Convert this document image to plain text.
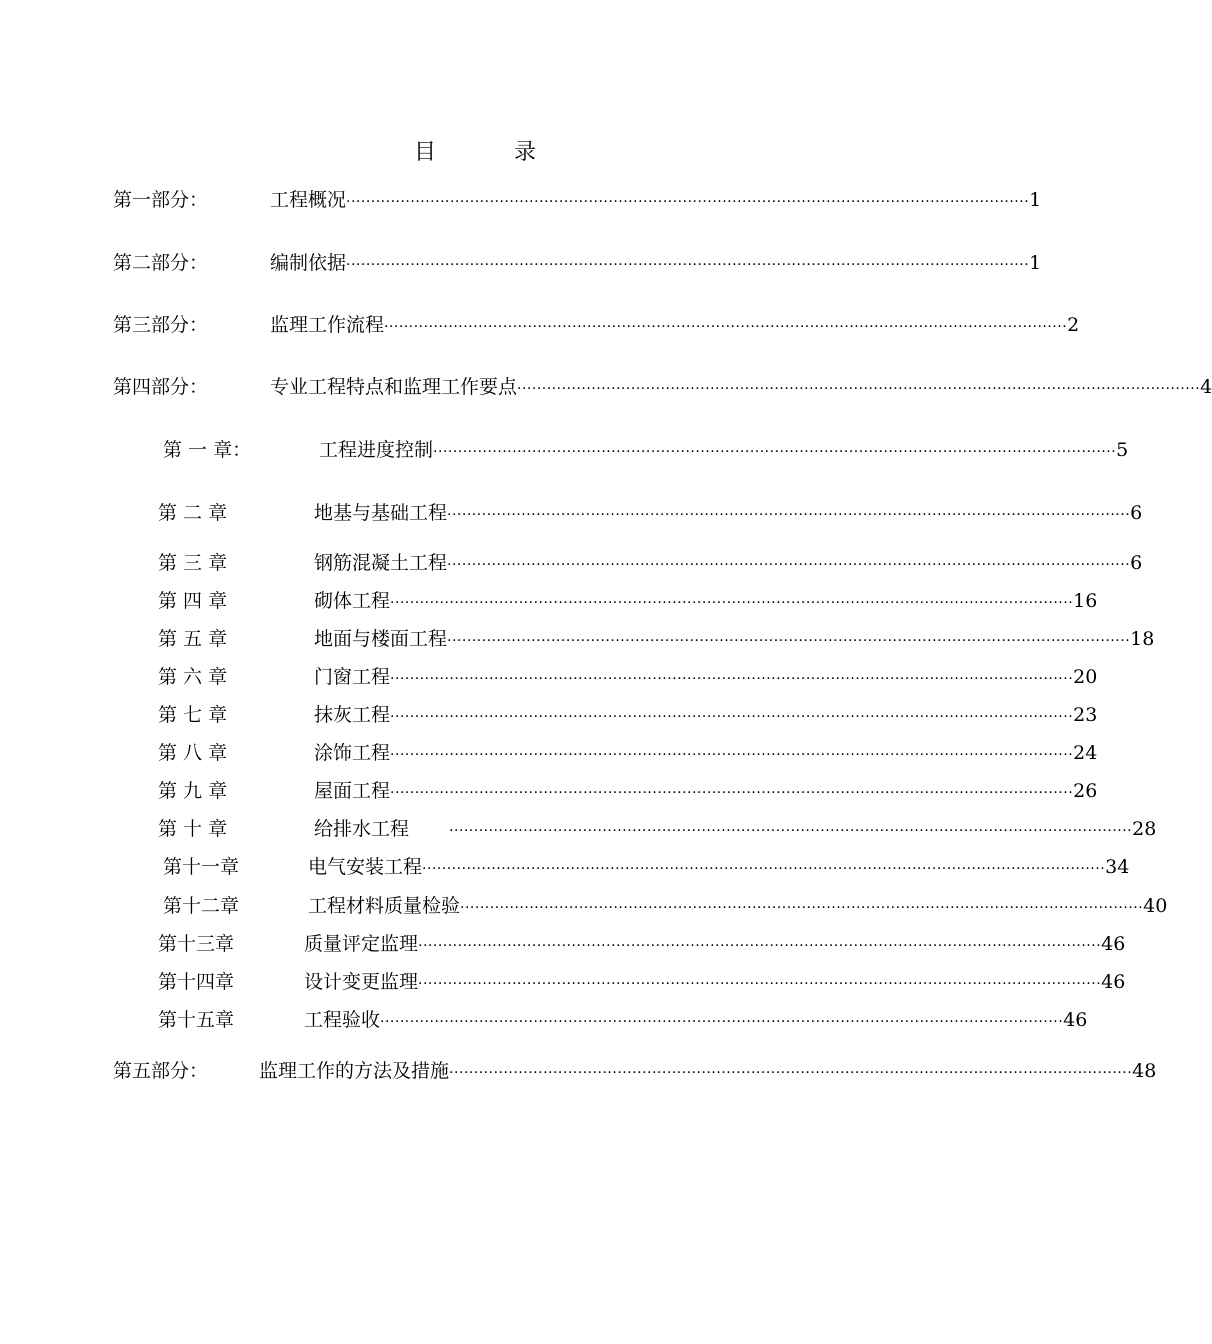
目	录
第一部分：	工程概况 ·········································································································································· 1
第二部分：	编制依据 ·········································································································································· 1
第三部分：	监理工作流程 ·········································································································································· 2
第四部分：	专业工程特点和监理工作要点 ·········································································································································· 4
第 一 章：	工程进度控制 ·········································································································································· 5
第 二 章	地基与基础工程 ·········································································································································· 6
第 三 章	钢筋混凝土工程 ·········································································································································· 6
第 四 章	砌体工程 ·········································································································································· 16
第 五 章	地面与楼面工程 ·········································································································································· 18
第 六 章	门窗工程 ·········································································································································· 20
第 七 章	抹灰工程 ·········································································································································· 23
第 八 章	涂饰工程 ·········································································································································· 24
第 九 章	屋面工程 ·········································································································································· 26
第 十 章	给排水工程	·········································································································································· 28
第十一章	电气安装工程 ·········································································································································· 34
第十二章	工程材料质量检验 ·········································································································································· 40
第十三章	质量评定监理 ·········································································································································· 46
第十四章	设计变更监理 ·········································································································································· 46
第十五章	工程验收 ·········································································································································· 46
第五部分：	监理工作的方法及措施 ·········································································································································· 48
